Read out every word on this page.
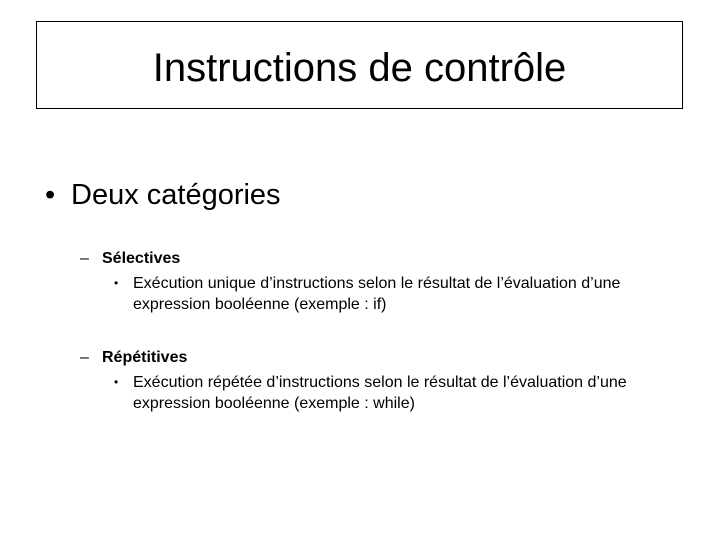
Instructions de contrôle
• Deux catégories
– Sélectives
• Exécution unique d’instructions selon le résultat de l’évaluation d’une expression booléenne (exemple : if)
– Répétitives
• Exécution répétée d’instructions selon le résultat de l’évaluation d’une expression booléenne (exemple : while)
